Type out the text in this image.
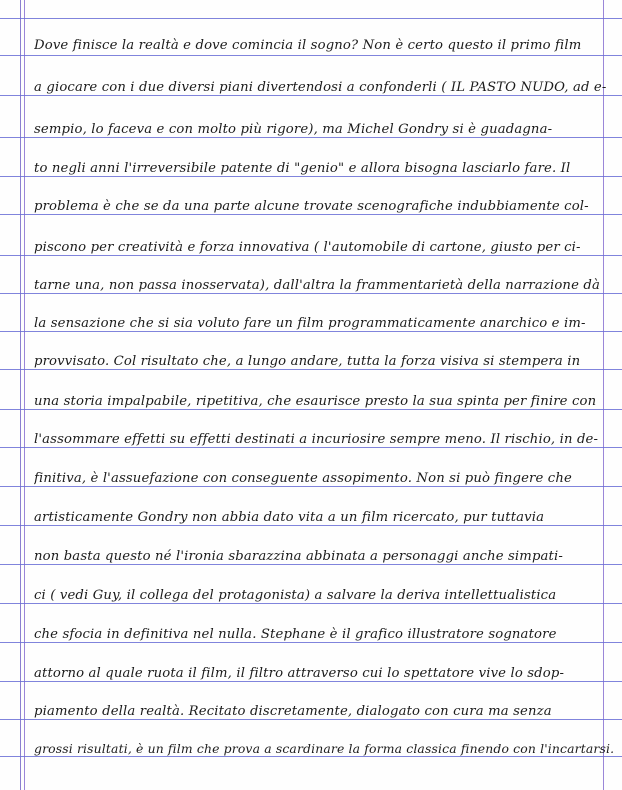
Dove finisce la realtà e dove comincia il sogno? Non è certo questo il primo film
a giocare con i due diversi piani divertendosi a confonderli ( IL PASTO NUDO, ad e-
sempio, lo faceva e con molto più rigore), ma Michel Gondry si è guadagna-
to negli anni l'irreversibile patente di "genio" e allora bisogna lasciarlo fare. Il
problema è che se da una parte alcune trovate scenografiche indubbiamente col-
piscono per creatività e forza innovativa ( l'automobile di cartone, giusto per ci-
tarne una, non passa inosservata), dall'altra la frammentarietà della narrazione dà
la sensazione che si sia voluto fare un film programmaticamente anarchico e im-
provvisato. Col risultato che, a lungo andare, tutta la forza visiva si stempera in
una storia impalpabile, ripetitiva, che esaurisce presto la sua spinta per finire con
l'assommare effetti su effetti destinati a incuriosire sempre meno. Il rischio, in de-
finitiva, è l'assuefazione con conseguente assopimento. Non si può fingere che
artisticamente Gondry non abbia dato vita a un film ricercato, pur tuttavia
non basta questo né l'ironia sbarazzina abbinata a personaggi anche simpati-
ci ( vedi Guy, il collega del protagonista) a salvare la deriva intellettualistica
che sfocia in definitiva nel nulla. Stephane è il grafico illustratore sognatore
attorno al quale ruota il film, il filtro attraverso cui lo spettatore vive lo sdop-
piamento della realtà. Recitato discretamente, dialogato con cura ma senza
grossi risultati, è un film che prova a scardinare la forma classica finendo con l'incartarsi.
